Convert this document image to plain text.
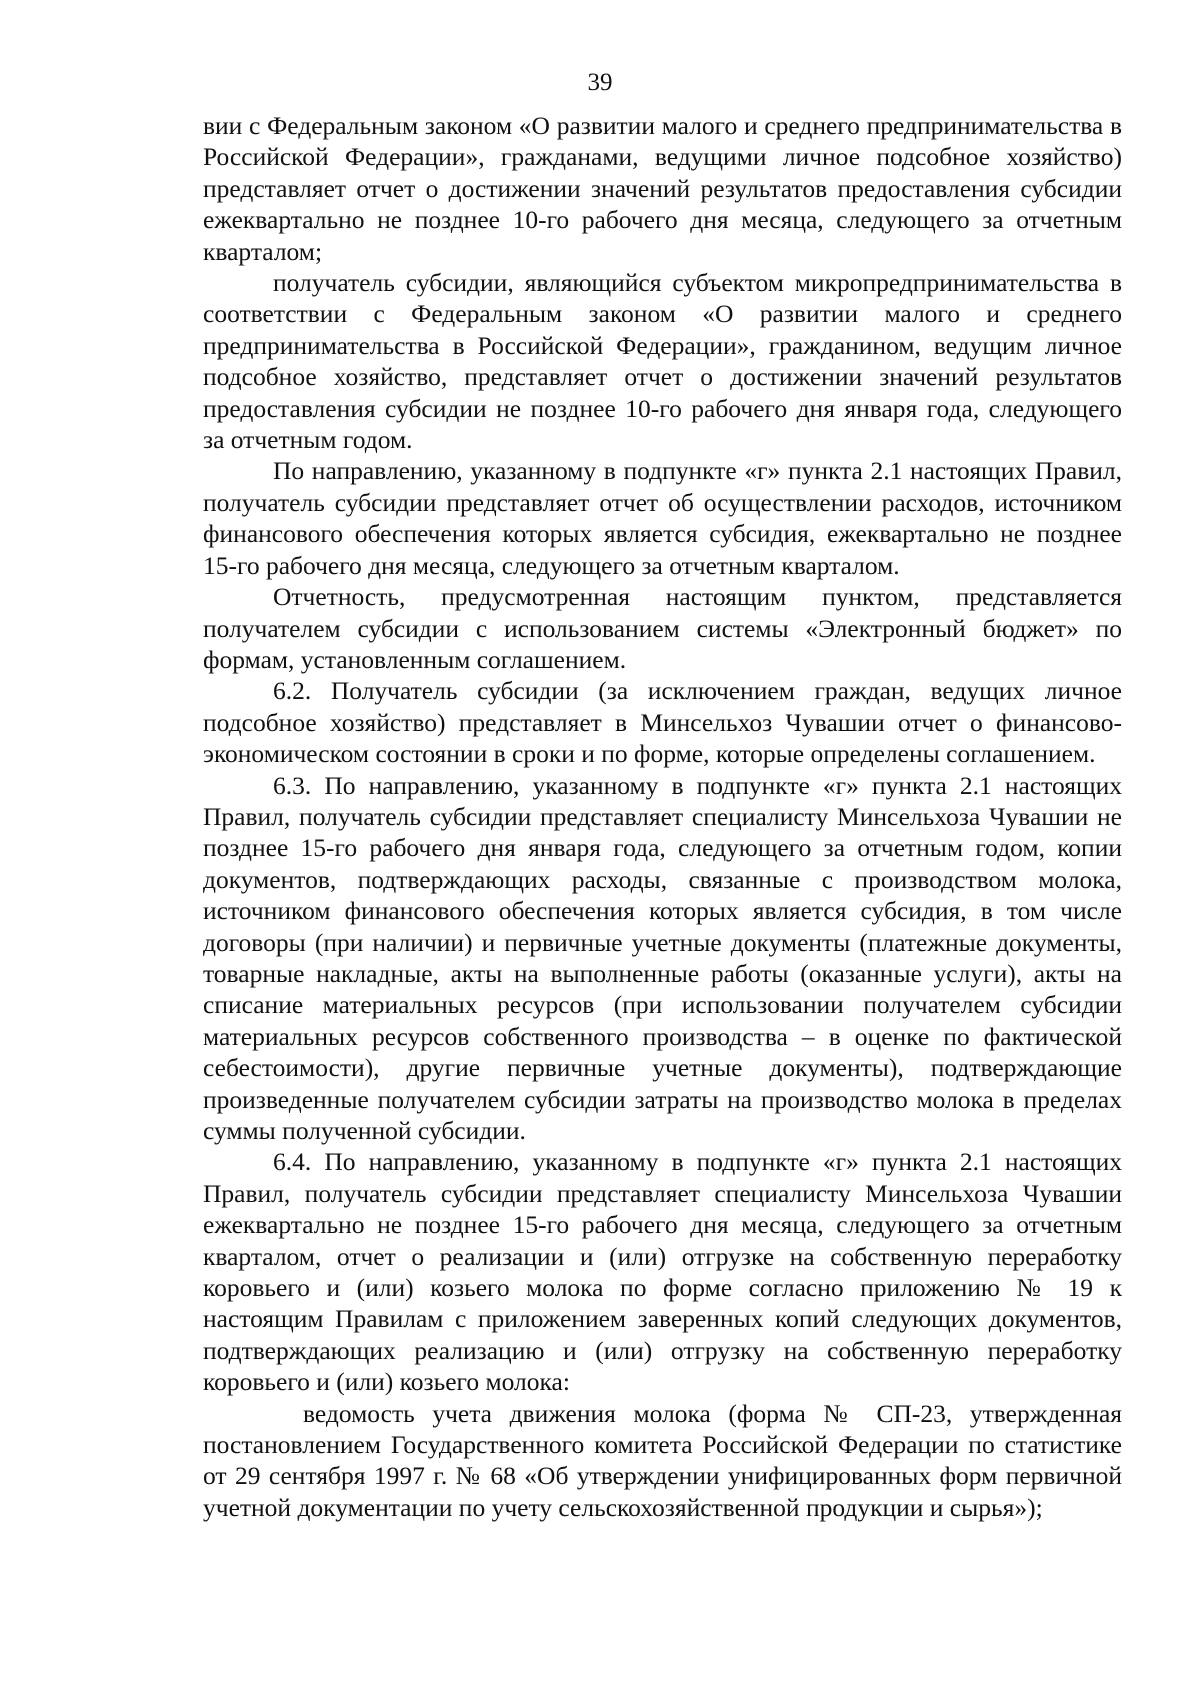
39

вии с Федеральным законом «О развитии малого и среднего предпринимательства в Российской Федерации», гражданами, ведущими личное подсобное хозяйство) представляет отчет о достижении значений результатов предоставления субсидии ежеквартально не позднее 10-го рабочего дня месяца, следующего за отчетным кварталом;

получатель субсидии, являющийся субъектом микропредпринимательства в соответствии с Федеральным законом «О развитии малого и среднего предпринимательства в Российской Федерации», гражданином, ведущим личное подсобное хозяйство, представляет отчет о достижении значений результатов предоставления субсидии не позднее 10-го рабочего дня января года, следующего за отчетным годом.

По направлению, указанному в подпункте «г» пункта 2.1 настоящих Правил, получатель субсидии представляет отчет об осуществлении расходов, источником финансового обеспечения которых является субсидия, ежеквартально не позднее 15-го рабочего дня месяца, следующего за отчетным кварталом.

Отчетность, предусмотренная настоящим пунктом, представляется получателем субсидии с использованием системы «Электронный бюджет» по формам, установленным соглашением.

6.2. Получатель субсидии (за исключением граждан, ведущих личное подсобное хозяйство) представляет в Минсельхоз Чувашии отчет о финансово-экономическом состоянии в сроки и по форме, которые определены соглашением.

6.3. По направлению, указанному в подпункте «г» пункта 2.1 настоящих Правил, получатель субсидии представляет специалисту Минсельхоза Чувашии не позднее 15-го рабочего дня января года, следующего за отчетным годом, копии документов, подтверждающих расходы, связанные с производством молока, источником финансового обеспечения которых является субсидия, в том числе договоры (при наличии) и первичные учетные документы (платежные документы, товарные накладные, акты на выполненные работы (оказанные услуги), акты на списание материальных ресурсов (при использовании получателем субсидии материальных ресурсов собственного производства – в оценке по фактической себестоимости), другие первичные учетные документы), подтверждающие произведенные получателем субсидии затраты на производство молока в пределах суммы полученной субсидии.

6.4. По направлению, указанному в подпункте «г» пункта 2.1 настоящих Правил, получатель субсидии представляет специалисту Минсельхоза Чувашии ежеквартально не позднее 15-го рабочего дня месяца, следующего за отчетным кварталом, отчет о реализации и (или) отгрузке на собственную переработку коровьего и (или) козьего молока по форме согласно приложению № 19 к настоящим Правилам с приложением заверенных копий следующих документов, подтверждающих реализацию и (или) отгрузку на собственную переработку коровьего и (или) козьего молока:

ведомость учета движения молока (форма № СП-23, утвержденная постановлением Государственного комитета Российской Федерации по статистике от 29 сентября 1997 г. № 68 «Об утверждении унифицированных форм первичной учетной документации по учету сельскохозяйственной продукции и сырья»);
